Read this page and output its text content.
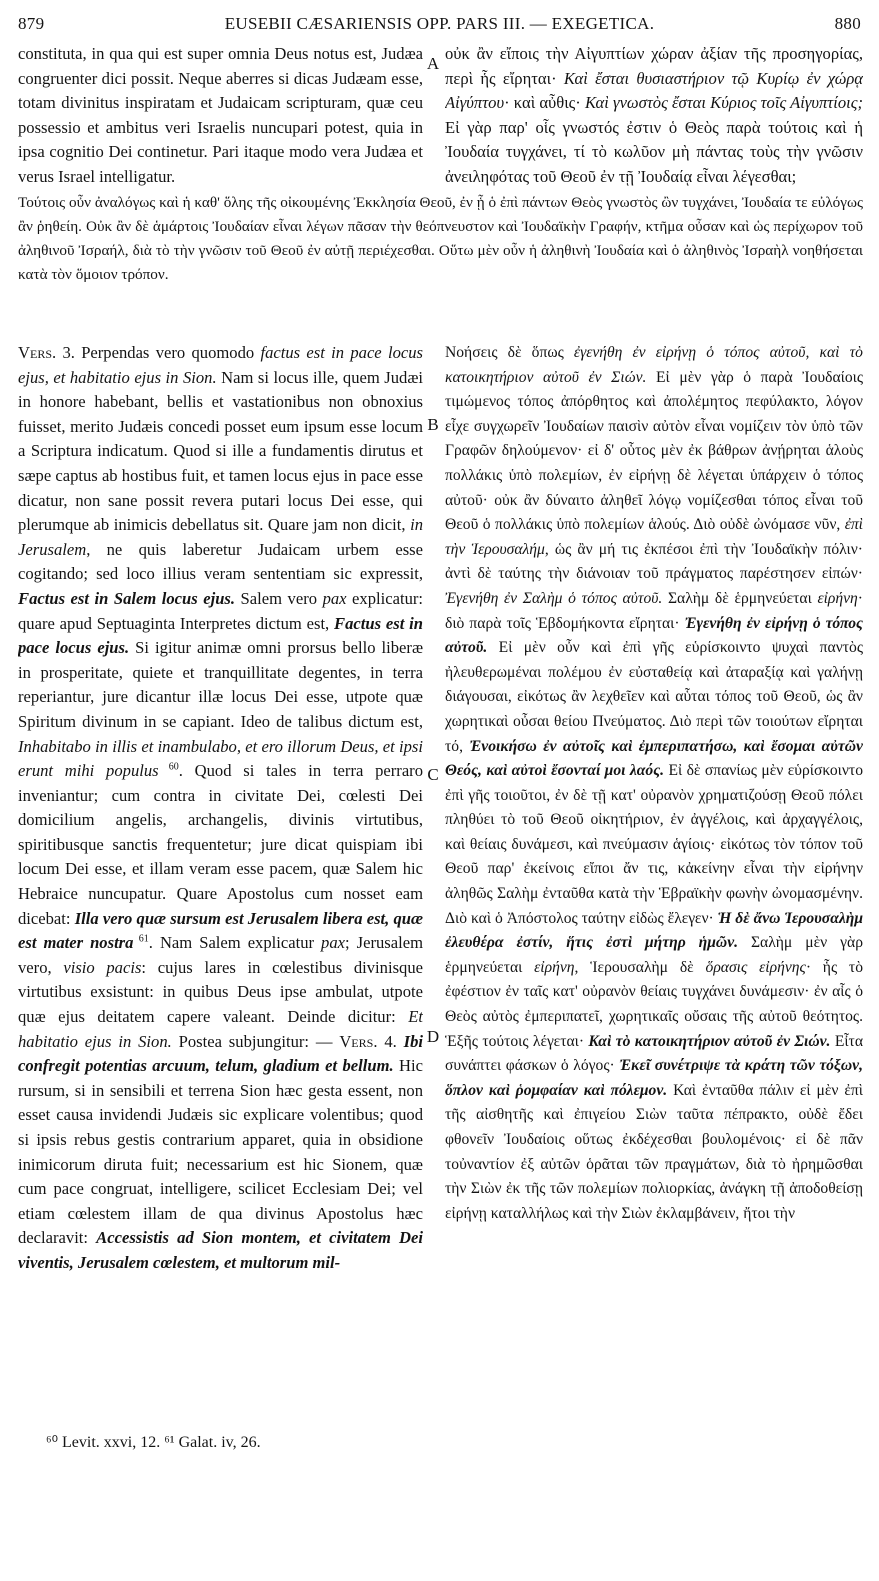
879	EUSEBII CÆSARIENSIS OPP. PARS III. — EXEGETICA.	880

constituta, in qua qui est super omnia Deus notus est, Judæa congruenter dici possit. Neque aberres si dicas Judæam esse, totam divinitus inspiratam et Judaicam scripturam, quæ ceu possessio et ambitus veri Israelis nuncupari potest, quia in ipsa cognitio Dei continetur. Pari itaque modo vera Judæa et verus Israel intelligatur.

οὐκ ἂν εἴποις τὴν Αἰγυπτίων χώραν ἀξίαν τῆς προσηγορίας, περὶ ἧς εἴρηται· Καὶ ἔσται θυσιαστήριον τῷ Κυρίῳ ἐν χώρᾳ Αἰγύπτου· καὶ αὖθις· Καὶ γνωστὸς ἔσται Κύριος τοῖς Αἰγυπτίοις; Εἰ γὰρ παρ' οἷς γνωστός ἐστιν ὁ Θεὸς παρὰ τούτοις καὶ ἡ Ἰουδαία τυγχάνει, τί τὸ κωλῦον μὴ πάντας τοὺς τὴν γνῶσιν ἀνειληφότας τοῦ Θεοῦ ἐν τῇ Ἰουδαίᾳ εἶναι λέγεσθαι;

Τούτοις οὖν ἀναλόγως καὶ ἡ καθ' ὅλης τῆς οἰκουμένης Ἐκκλησία Θεοῦ, ἐν ᾗ ὁ ἐπὶ πάντων Θεὸς γνωστὸς ὢν τυγχάνει, Ἰουδαία τε εὐλόγως ἂν ῥηθείη. Οὐκ ἂν δὲ ἁμάρτοις Ἰουδαίαν εἶναι λέγων πᾶσαν τὴν θεόπνευστον καὶ Ἰουδαϊκὴν Γραφήν, κτῆμα οὖσαν καὶ ὡς περίχωρον τοῦ ἀληθινοῦ Ἰσραήλ, διὰ τὸ τὴν γνῶσιν τοῦ Θεοῦ ἐν αὐτῇ περιέχεσθαι. Οὕτω μὲν οὖν ἡ ἀληθινὴ Ἰουδαία καὶ ὁ ἀληθινὸς Ἰσραὴλ νοηθήσεται κατὰ τὸν ὅμοιον τρόπον.

Vers. 3. Perpendas vero quomodo factus est in pace locus ejus, et habitatio ejus in Sion. Nam si locus ille, quem Judæi in honore habebant, bellis et vastationibus non obnoxius fuisset, merito Judæis concedi posset eum ipsum esse locum a Scriptura indicatum. Quod si ille a fundamentis dirutus et sæpe captus ab hostibus fuit, et tamen locus ejus in pace esse dicatur, non sane possit revera putari locus Dei esse, qui plerumque ab inimicis debellatus sit. Quare jam non dicit, in Jerusalem, ne quis laberetur Judaicam urbem esse cogitando; sed loco illius veram sententiam sic expressit, Factus est in Salem locus ejus. Salem vero pax explicatur: quare apud Septuaginta Interpretes dictum est, Factus est in pace locus ejus. Si igitur animæ omni prorsus bello liberæ in prosperitate, quiete et tranquillitate degentes, in terra reperiantur, jure dicantur illæ locus Dei esse, utpote quæ Spiritum divinum in se capiant. Ideo de talibus dictum est, Inhabitabo in illis et inambulabo, et ero illorum Deus, et ipsi erunt mihi populus $^{60}$. Quod si tales in terra perraro inveniantur; cum contra in civitate Dei, cœlesti Dei domicilium angelis, archangelis, divinis virtutibus, spiritibusque sanctis frequentetur; jure dicat quispiam ibi locum Dei esse, et illam veram esse pacem, quæ Salem hic Hebraice nuncupatur. Quare Apostolus cum nosset eam dicebat: Illa vero quæ sursum est Jerusalem libera est, quæ est mater nostra $^{61}$. Nam Salem explicatur pax; Jerusalem vero, visio pacis: cujus lares in cœlestibus divinisque virtutibus exsistunt: in quibus Deus ipse ambulat, utpote quæ ejus deitatem capere valeant. Deinde dicitur: Et habitatio ejus in Sion. Postea subjungitur: — Vers. 4. Ibi confregit potentias arcuum, telum, gladium et bellum. Hic rursum, si in sensibili et terrena Sion hæc gesta essent, non esset causa invidendi Judæis sic explicare volentibus; quod si ipsis rebus gestis contrarium apparet, quia in obsidione inimicorum diruta fuit; necessarium est hic Sionem, quæ cum pace congruat, intelligere, scilicet Ecclesiam Dei; vel etiam cœlestem illam de qua divinus Apostolus hæc declaravit: Accessistis ad Sion montem, et civitatem Dei viventis, Jerusalem cœlestem, et multorum mil-

Νοήσεις δὲ ὅπως ἐγενήθη ἐν εἰρήνῃ ὁ τόπος αὐτοῦ, καὶ τὸ κατοικητήριον αὐτοῦ ἐν Σιών. Εἰ μὲν γὰρ ὁ παρὰ Ἰουδαίοις τιμώμενος τόπος ἀπόρθητος καὶ ἀπολέμητος πεφύλακτο, λόγον εἶχε συγχωρεῖν Ἰουδαίων παισὶν αὐτὸν εἶναι νομίζειν τὸν ὑπὸ τῶν Γραφῶν δηλούμενον· εἰ δ' οὗτος μὲν ἐκ βάθρων ἀνῄρηται ἁλοὺς πολλάκις ὑπὸ πολεμίων, ἐν εἰρήνῃ δὲ λέγεται ὑπάρχειν ὁ τόπος αὐτοῦ· οὐκ ἂν δύναιτο ἀληθεῖ λόγῳ νομίζεσθαι τόπος εἶναι τοῦ Θεοῦ ὁ πολλάκις ὑπὸ πολεμίων ἁλούς. Διὸ οὐδὲ ὠνόμασε νῦν, ἐπὶ τὴν Ἱερουσαλήμ, ὡς ἂν μή τις ἐκπέσοι ἐπὶ τὴν Ἰουδαϊκὴν πόλιν· ἀντὶ δὲ ταύτης τὴν διάνοιαν τοῦ πράγματος παρέστησεν εἰπών· Ἐγενήθη ἐν Σαλὴμ ὁ τόπος αὐτοῦ. Σαλὴμ δὲ ἑρμηνεύεται εἰρήνη· διὸ παρὰ τοῖς Ἑβδομήκοντα εἴρηται· Ἐγενήθη ἐν εἰρήνῃ ὁ τόπος αὐτοῦ. Εἰ μὲν οὖν καὶ ἐπὶ γῆς εὑρίσκοιντο ψυχαὶ παντὸς ἠλευθερωμέναι πολέμου ἐν εὐσταθείᾳ καὶ ἀταραξίᾳ καὶ γαλήνῃ διάγουσαι, εἰκότως ἂν λεχθεῖεν καὶ αὗται τόπος τοῦ Θεοῦ, ὡς ἂν χωρητικαὶ οὖσαι θείου Πνεύματος. Διὸ περὶ τῶν τοιούτων εἴρηται τό, Ἐνοικήσω ἐν αὐτοῖς καὶ ἐμπεριπατήσω, καὶ ἔσομαι αὐτῶν Θεός, καὶ αὐτοὶ ἔσονταί μοι λαός. Εἰ δὲ σπανίως μὲν εὑρίσκοιντο ἐπὶ γῆς τοιοῦτοι, ἐν δὲ τῇ κατ' οὐρανὸν χρηματιζούσῃ Θεοῦ πόλει πληθύει τὸ τοῦ Θεοῦ οἰκητήριον, ἐν ἀγγέλοις, καὶ ἀρχαγγέλοις, καὶ θείαις δυνάμεσι, καὶ πνεύμασιν ἁγίοις· εἰκότως τὸν τόπον τοῦ Θεοῦ παρ' ἐκείνοις εἴποι ἄν τις, κἀκείνην εἶναι τὴν εἰρήνην ἀληθῶς Σαλὴμ ἐνταῦθα κατὰ τὴν Ἑβραϊκὴν φωνὴν ὠνομασμένην. Διὸ καὶ ὁ Ἀπόστολος ταύτην εἰδὼς ἔλεγεν· Ἡ δὲ ἄνω Ἱερουσαλὴμ ἐλευθέρα ἐστίν, ἥτις ἐστὶ μήτηρ ἡμῶν. Σαλὴμ μὲν γὰρ ἑρμηνεύεται εἰρήνη, Ἱερουσαλὴμ δὲ ὅρασις εἰρήνης· ἧς τὸ ἐφέστιον ἐν ταῖς κατ' οὐρανὸν θείαις τυγχάνει δυνάμεσιν· ἐν αἷς ὁ Θεὸς αὐτὸς ἐμπεριπατεῖ, χωρητικαῖς οὔσαις τῆς αὐτοῦ θεότητος. Ἑξῆς τούτοις λέγεται· Καὶ τὸ κατοικητήριον αὐτοῦ ἐν Σιών. Εἶτα συνάπτει φάσκων ὁ λόγος· Ἐκεῖ συνέτριψε τὰ κράτη τῶν τόξων, ὅπλον καὶ ῥομφαίαν καὶ πόλεμον. Καὶ ἐνταῦθα πάλιν εἰ μὲν ἐπὶ τῆς αἰσθητῆς καὶ ἐπιγείου Σιὼν ταῦτα πέπρακτο, οὐδὲ ἔδει φθονεῖν Ἰουδαίοις οὕτως ἐκδέχεσθαι βουλομένοις· εἰ δὲ πᾶν τοὐναντίον ἐξ αὐτῶν ὁρᾶται τῶν πραγμάτων, διὰ τὸ ἠρημῶσθαι τὴν Σιὼν ἐκ τῆς τῶν πολεμίων πολιορκίας, ἀνάγκη τῇ ἀποδοθείσῃ εἰρήνῃ καταλλήλως καὶ τὴν Σιὼν ἐκλαμβάνειν, ἤτοι τὴν

A
B
C
D
⁶⁰ Levit. xxvi, 12. ⁶¹ Galat. iv, 26.
